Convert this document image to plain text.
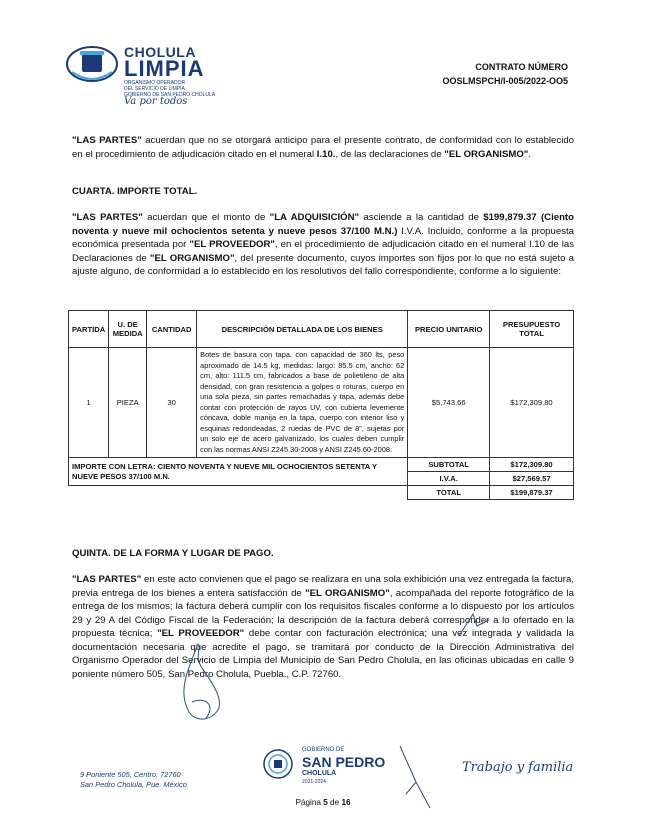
CHOLULA
LIMPIA
ORGANISMO OPERADOR
DEL SERVICIO DE LIMPIA
GOBIERNO DE SAN PEDRO CHOLULA
Va por todos
CONTRATO NÚMERO
OOSLMSPCH/I-005/2022-OO5
"LAS PARTES" acuerdan que no se otorgará anticipo para el presente contrato, de conformidad con lo establecido en el procedimiento de adjudicación citado en el numeral I.10., de las declaraciones de "EL ORGANISMO".
CUARTA. IMPORTE TOTAL.
"LAS PARTES" acuerdan que el monto de "LA ADQUISICIÓN" asciende a la cantidad de $199,879.37 (Ciento noventa y nueve mil ochocientos setenta y nueve pesos 37/100 M.N.) I.V.A. Incluido, conforme a la propuesta económica presentada por "EL PROVEEDOR", en el procedimiento de adjudicación citado en el numeral I.10 de las Declaraciones de "EL ORGANISMO", del presente documento, cuyos importes son fijos por lo que no está sujeto a ajuste alguno, de conformidad a lo establecido en los resolutivos del fallo correspondiente, conforme a lo siguiente:
PARTIDA	U. DE MEDIDA	CANTIDAD	DESCRIPCIÓN DETALLADA DE LOS BIENES	PRECIO UNITARIO	PRESUPUESTO TOTAL
1	PIEZA	30	Botes de basura con tapa, con capacidad de 360 lts, peso aproximado de 14.5 kg, medidas: largo: 85.5 cm, ancho: 62 cm, alto: 111.5 cm, fabricados a base de polietileno de alta densidad, con gran resistencia a golpes o roturas, cuerpo en una sola pieza, sin partes remachadas y tapa, además debe contar con protección de rayos UV, con cubierta levemente cóncava, doble manija en la tapa, cuerpo con interior liso y esquinas redondeadas, 2 ruedas de PVC de 8", sujetas por un solo eje de acero galvanizado, los cuales deben cumplir con las normas ANSI Z245.30-2008 y ANSI Z245.60-2008.	$5,743.66	$172,309.80
IMPORTE CON LETRA: CIENTO NOVENTA Y NUEVE MIL OCHOCIENTOS SETENTA Y NUEVE PESOS 37/100 M.N.				SUBTOTAL	$172,309.80
				I.V.A.	$27,569.57
				TOTAL	$199,879.37
QUINTA. DE LA FORMA Y LUGAR DE PAGO.
"LAS PARTES" en este acto convienen que el pago se realizara en una sola exhibición una vez entregada la factura, previa entrega de los bienes a entera satisfacción de "EL ORGANISMO", acompañada del reporte fotográfico de la entrega de los mismos; la factura deberá cumplir con los requisitos fiscales conforme a lo dispuesto por los artículos 29 y 29 A del Código Fiscal de la Federación; la descripción de la factura deberá corresponder a lo ofertado en la propuesta técnica; "EL PROVEEDOR" debe contar con facturación electrónica; una vez integrada y validada la documentación necesaria que acredite el pago, se tramitará por conducto de la Dirección Administrativa del Organismo Operador del Servicio de Limpia del Municipio de San Pedro Cholula, en las oficinas ubicadas en calle 9 poniente número 505, San Pedro Cholula, Puebla., C.P. 72760.
9 Poniente 505, Centro, 72760
San Pedro Cholula, Pue. México
GOBIERNO DE
SAN PEDRO
CHOLULA
2021-2024
Trabajo y familia
Página 5 de 16
